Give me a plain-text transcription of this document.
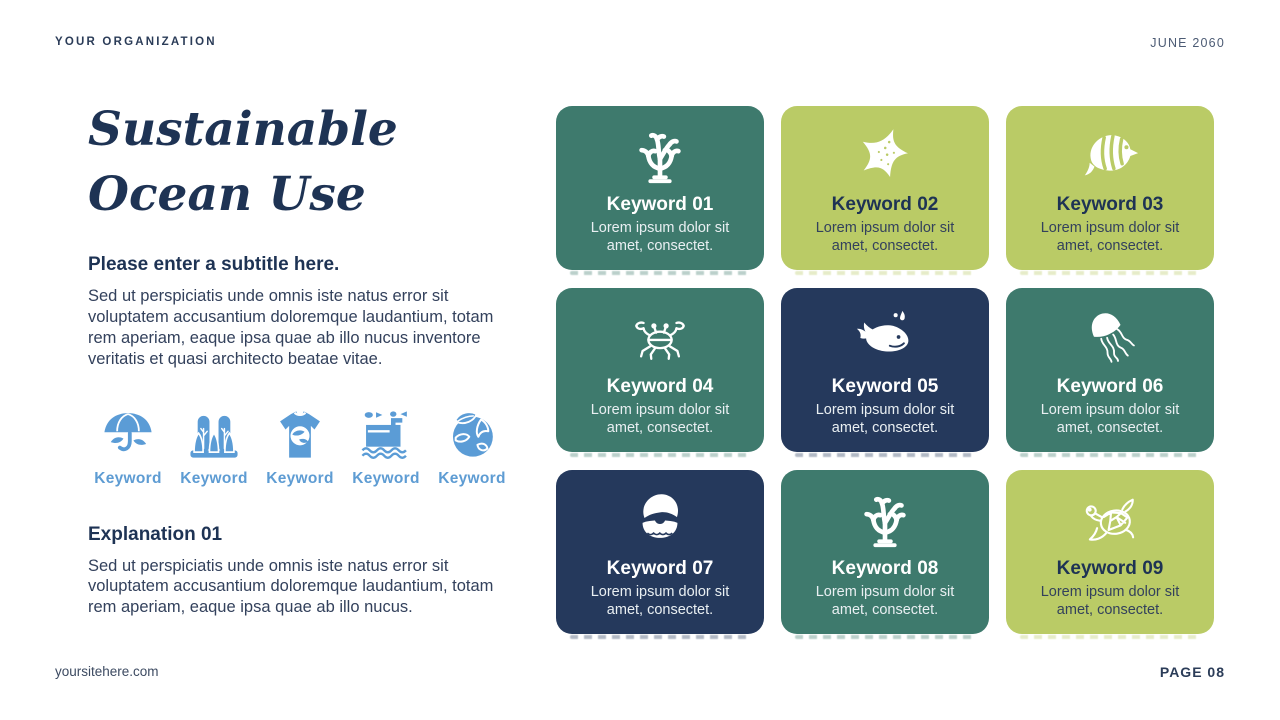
YOUR ORGANIZATION	JUNE 2060
Sustainable
Ocean Use
Please enter a subtitle here.
Sed ut perspiciatis unde omnis iste natus error sit voluptatem accusantium doloremque laudantium, totam rem aperiam, eaque ipsa quae ab illo nucus inventore veritatis et quasi architecto beatae vitae.
Keyword Keyword Keyword Keyword Keyword
Explanation 01
Sed ut perspiciatis unde omnis iste natus error sit voluptatem accusantium doloremque laudantium, totam rem aperiam, eaque ipsa quae ab illo nucus.
Keyword 01
Lorem ipsum dolor sit amet, consectet.
Keyword 02
Lorem ipsum dolor sit amet, consectet.
Keyword 03
Lorem ipsum dolor sit amet, consectet.
Keyword 04
Lorem ipsum dolor sit amet, consectet.
Keyword 05
Lorem ipsum dolor sit amet, consectet.
Keyword 06
Lorem ipsum dolor sit amet, consectet.
Keyword 07
Lorem ipsum dolor sit amet, consectet.
Keyword 08
Lorem ipsum dolor sit amet, consectet.
Keyword 09
Lorem ipsum dolor sit amet, consectet.
yoursitehere.com	PAGE 08
